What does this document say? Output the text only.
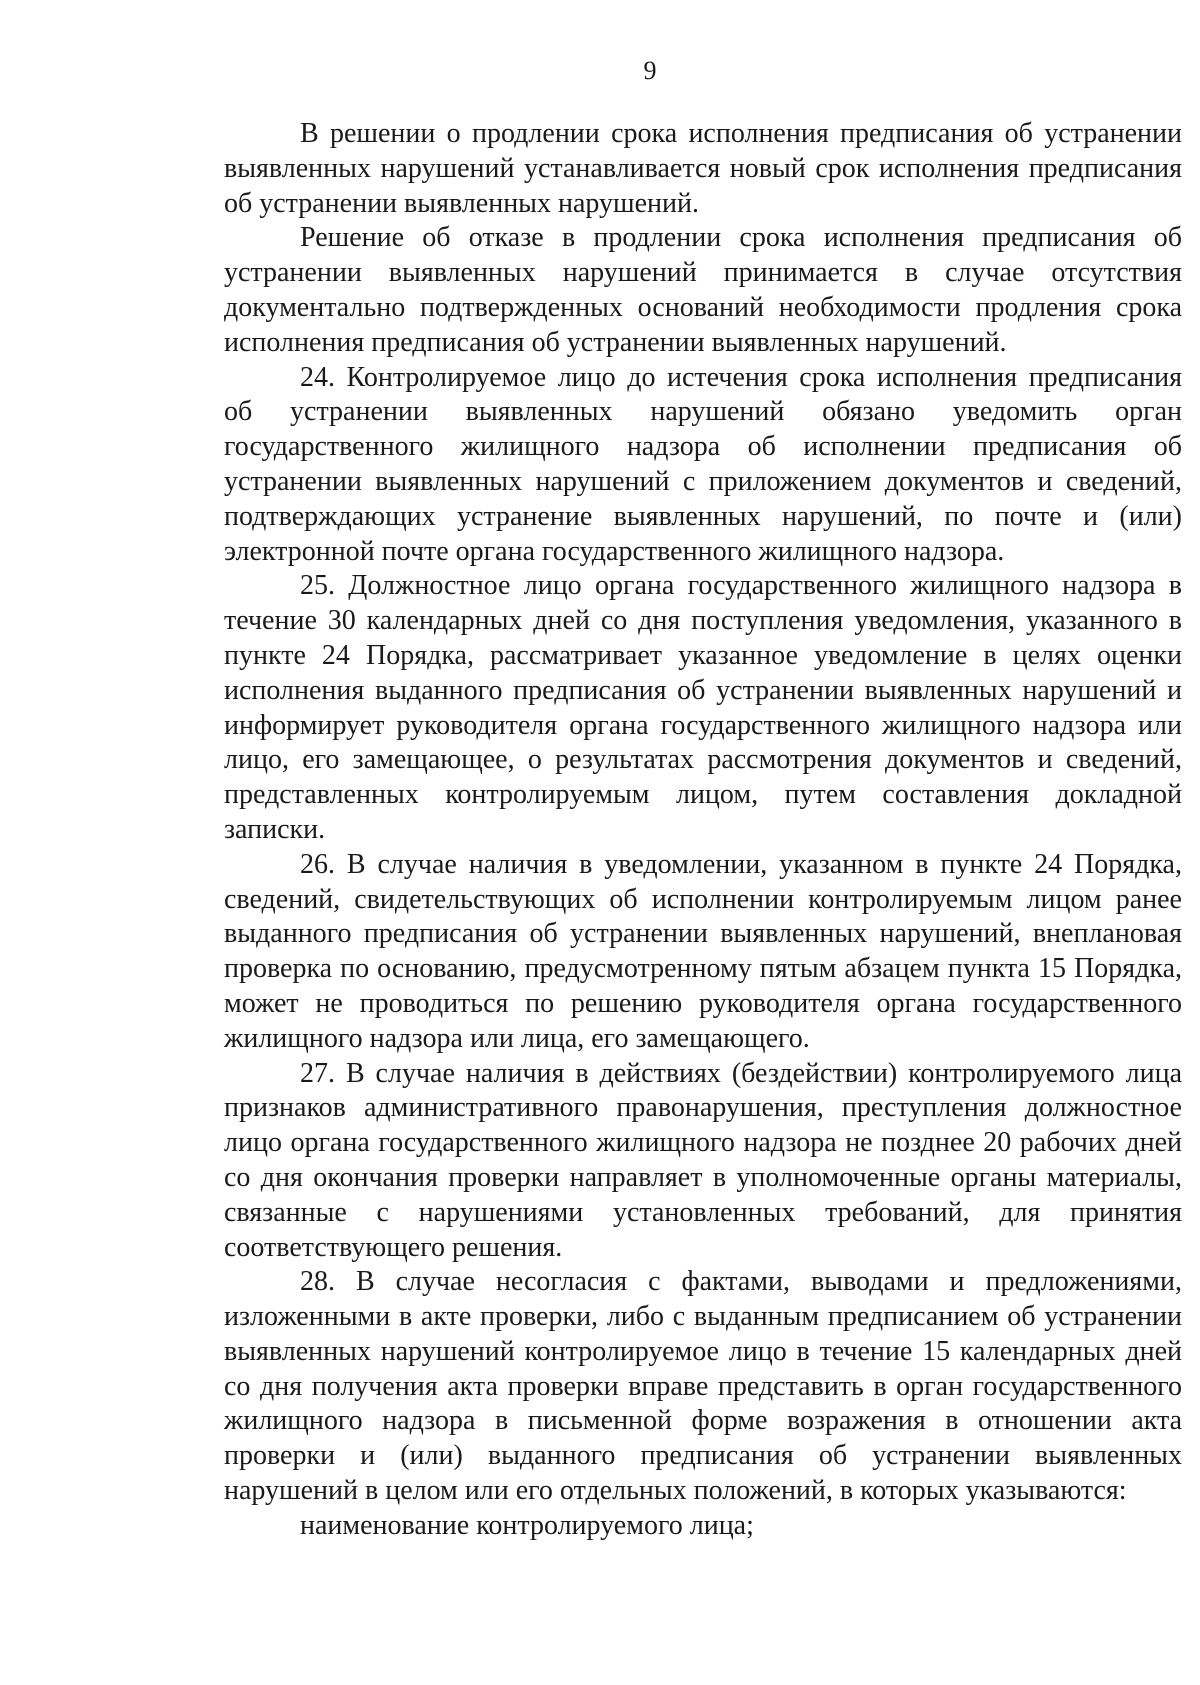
9

В решении о продлении срока исполнения предписания об устранении выявленных нарушений устанавливается новый срок исполнения предписания об устранении выявленных нарушений.

Решение об отказе в продлении срока исполнения предписания об устранении выявленных нарушений принимается в случае отсутствия документально подтвержденных оснований необходимости продления срока исполнения предписания об устранении выявленных нарушений.

24. Контролируемое лицо до истечения срока исполнения предписания об устранении выявленных нарушений обязано уведомить орган государственного жилищного надзора об исполнении предписания об устранении выявленных нарушений с приложением документов и сведений, подтверждающих устранение выявленных нарушений, по почте и (или) электронной почте органа государственного жилищного надзора.

25. Должностное лицо органа государственного жилищного надзора в течение 30 календарных дней со дня поступления уведомления, указанного в пункте 24 Порядка, рассматривает указанное уведомление в целях оценки исполнения выданного предписания об устранении выявленных нарушений и информирует руководителя органа государственного жилищного надзора или лицо, его замещающее, о результатах рассмотрения документов и сведений, представленных контролируемым лицом, путем составления докладной записки.

26. В случае наличия в уведомлении, указанном в пункте 24 Порядка, сведений, свидетельствующих об исполнении контролируемым лицом ранее выданного предписания об устранении выявленных нарушений, внеплановая проверка по основанию, предусмотренному пятым абзацем пункта 15 Порядка, может не проводиться по решению руководителя органа государственного жилищного надзора или лица, его замещающего.

27. В случае наличия в действиях (бездействии) контролируемого лица признаков административного правонарушения, преступления должностное лицо органа государственного жилищного надзора не позднее 20 рабочих дней со дня окончания проверки направляет в уполномоченные органы материалы, связанные с нарушениями установленных требований, для принятия соответствующего решения.

28. В случае несогласия с фактами, выводами и предложениями, изложенными в акте проверки, либо с выданным предписанием об устранении выявленных нарушений контролируемое лицо в течение 15 календарных дней со дня получения акта проверки вправе представить в орган государственного жилищного надзора в письменной форме возражения в отношении акта проверки и (или) выданного предписания об устранении выявленных нарушений в целом или его отдельных положений, в которых указываются:

наименование контролируемого лица;
